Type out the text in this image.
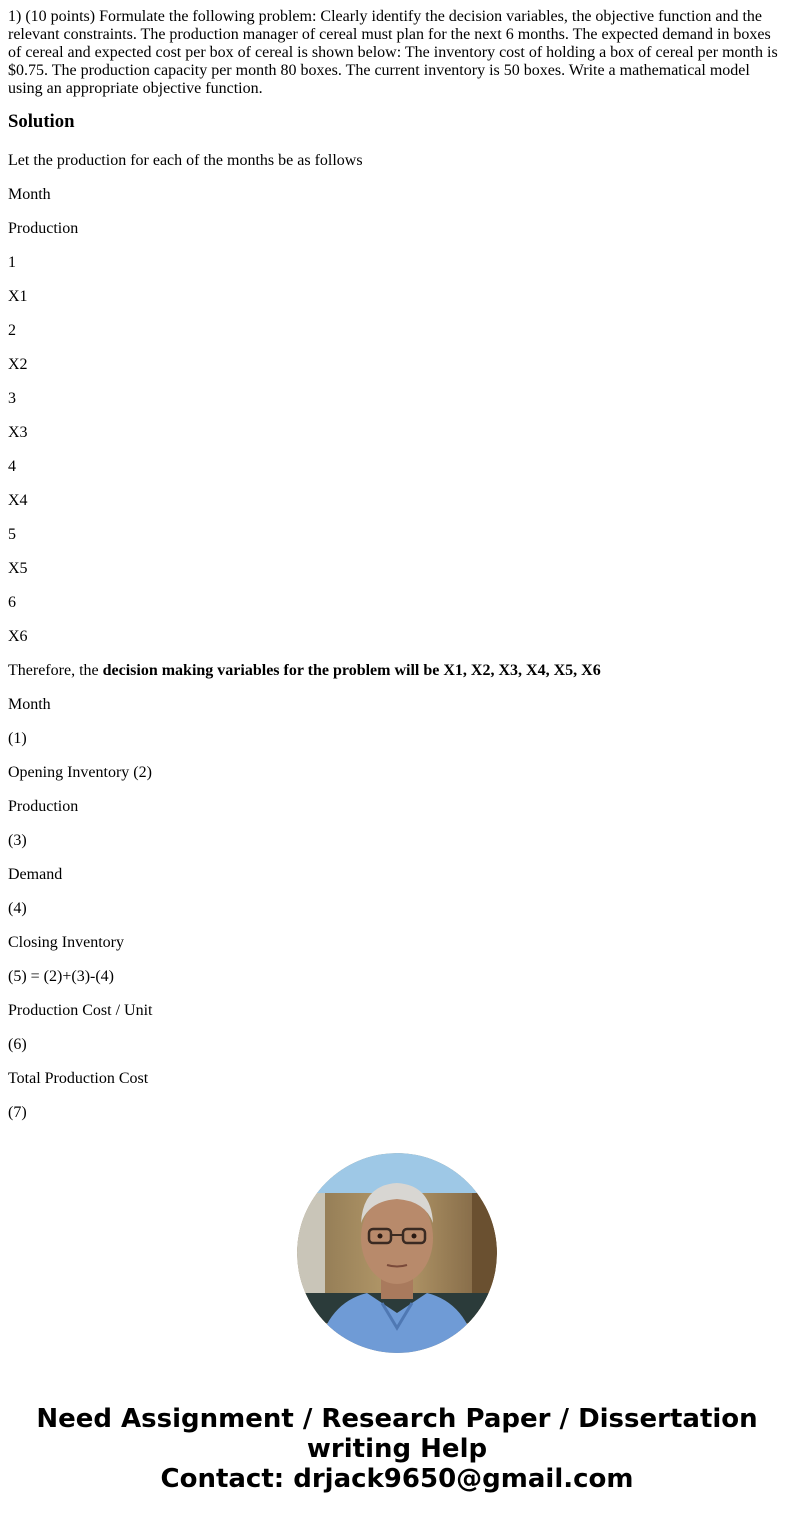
1) (10 points) Formulate the following problem: Clearly identify the decision variables, the objective function and the relevant constraints. The production manager of cereal must plan for the next 6 months. The expected demand in boxes of cereal and expected cost per box of cereal is shown below: The inventory cost of holding a box of cereal per month is $0.75. The production capacity per month 80 boxes. The current inventory is 50 boxes. Write a mathematical model using an appropriate objective function.

Solution

Let the production for each of the months be as follows

Month

Production

1

X1

2

X2

3

X3

4

X4

5

X5

6

X6

Therefore, the decision making variables for the problem will be X1, X2, X3, X4, X5, X6

Month

(1)

Opening Inventory (2)

Production

(3)

Demand

(4)

Closing Inventory

(5) = (2)+(3)-(4)

Production Cost / Unit

(6)

Total Production Cost

(7)

Need Assignment / Research Paper / Dissertation
writing Help
Contact: drjack9650@gmail.com
